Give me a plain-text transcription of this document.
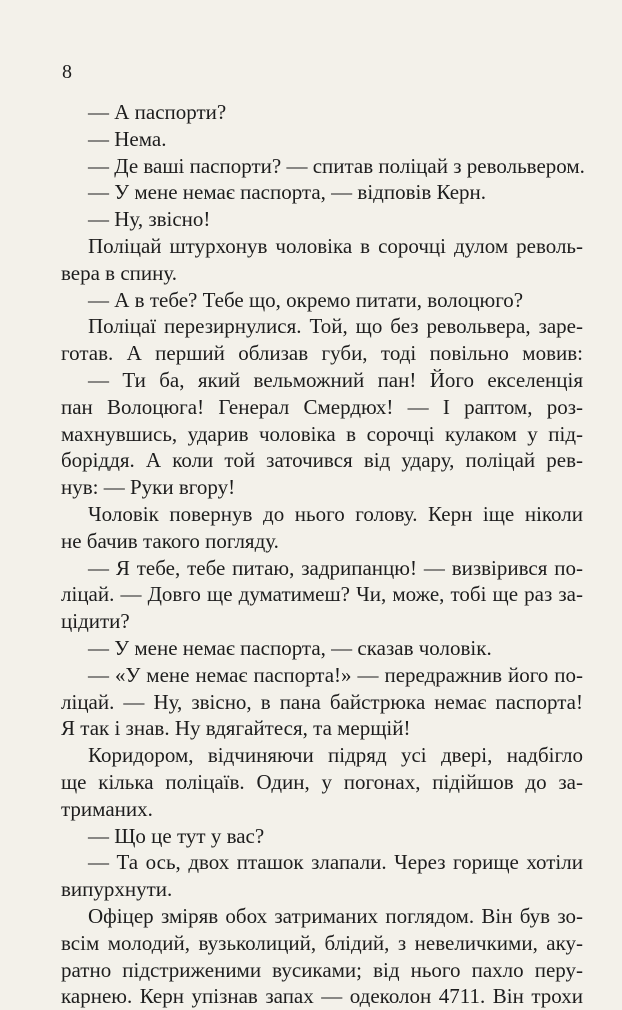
8
— А паспорти?
— Нема.
— Де ваші паспорти? — спитав поліцай з револьвером.
— У мене немає паспорта, — відповів Керн.
— Ну, звісно!
Поліцай штурхонув чоловіка в сорочці дулом револь-
вера в спину.
— А в тебе? Тебе що, окремо питати, волоцюго?
Поліцаї перезирнулися. Той, що без револьвера, заре-
готав. А перший облизав губи, тоді повільно мовив:
— Ти ба, який вельможний пан! Його екселенція
пан Волоцюга! Генерал Смердюх! — І раптом, роз-
махнувшись, ударив чоловіка в сорочці кулаком у під-
боріддя. А коли той заточився від удару, поліцай рев-
нув: — Руки вгору!
Чоловік повернув до нього голову. Керн іще ніколи
не бачив такого погляду.
— Я тебе, тебе питаю, задрипанцю! — визвірився по-
ліцай. — Довго ще думатимеш? Чи, може, тобі ще раз за-
цідити?
— У мене немає паспорта, — сказав чоловік.
— «У мене немає паспорта!» — передражнив його по-
ліцай. — Ну, звісно, в пана байстрюка немає паспорта!
Я так і знав. Ну вдягайтеся, та мерщій!
Коридором, відчиняючи підряд усі двері, надбігло
ще кілька поліцаїв. Один, у погонах, підійшов до за-
триманих.
— Що це тут у вас?
— Та ось, двох пташок злапали. Через горище хотіли
випурхнути.
Офіцер зміряв обох затриманих поглядом. Він був зо-
всім молодий, вузьколиций, блідий, з невеличкими, аку-
ратно підстриженими вусиками; від нього пахло перу-
карнею. Керн упізнав запах — одеколон 4711. Він трохи
